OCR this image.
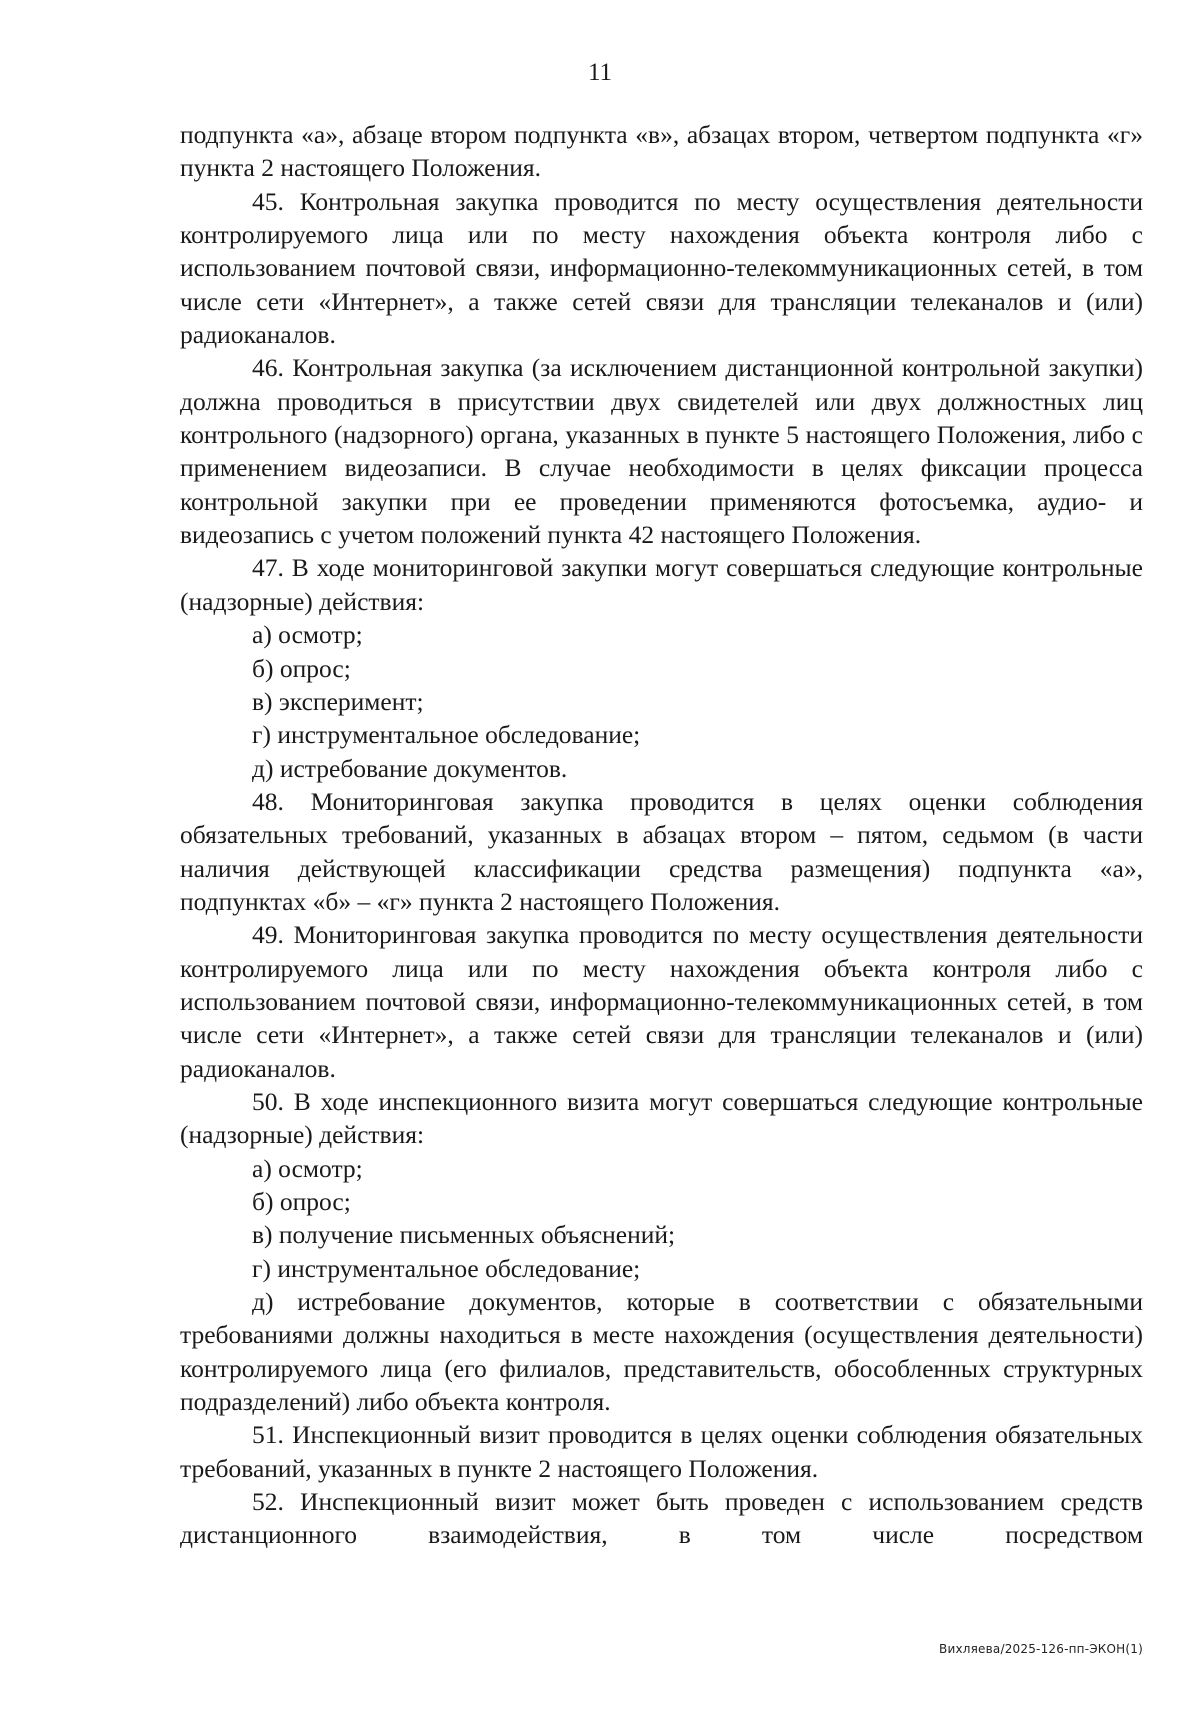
11

подпункта «а», абзаце втором подпункта «в», абзацах втором, четвертом подпункта «г» пункта 2 настоящего Положения.

45. Контрольная закупка проводится по месту осуществления деятельности контролируемого лица или по месту нахождения объекта контроля либо с использованием почтовой связи, информационно-телекоммуникационных сетей, в том числе сети «Интернет», а также сетей связи для трансляции телеканалов и (или) радиоканалов.

46. Контрольная закупка (за исключением дистанционной контрольной закупки) должна проводиться в присутствии двух свидетелей или двух должностных лиц контрольного (надзорного) органа, указанных в пункте 5 настоящего Положения, либо с применением видеозаписи. В случае необходимости в целях фиксации процесса контрольной закупки при ее проведении применяются фотосъемка, аудио- и видеозапись с учетом положений пункта 42 настоящего Положения.

47. В ходе мониторинговой закупки могут совершаться следующие контрольные (надзорные) действия:

а) осмотр;

б) опрос;

в) эксперимент;

г) инструментальное обследование;

д) истребование документов.

48. Мониторинговая закупка проводится в целях оценки соблюдения обязательных требований, указанных в абзацах втором – пятом, седьмом (в части наличия действующей классификации средства размещения) подпункта «а», подпунктах «б» – «г» пункта 2 настоящего Положения.

49. Мониторинговая закупка проводится по месту осуществления деятельности контролируемого лица или по месту нахождения объекта контроля либо с использованием почтовой связи, информационно-телекоммуникационных сетей, в том числе сети «Интернет», а также сетей связи для трансляции телеканалов и (или) радиоканалов.

50. В ходе инспекционного визита могут совершаться следующие контрольные (надзорные) действия:

а) осмотр;

б) опрос;

в) получение письменных объяснений;

г) инструментальное обследование;

д) истребование документов, которые в соответствии с обязательными требованиями должны находиться в месте нахождения (осуществления деятельности) контролируемого лица (его филиалов, представительств, обособленных структурных подразделений) либо объекта контроля.

51. Инспекционный визит проводится в целях оценки соблюдения обязательных требований, указанных в пункте 2 настоящего Положения.

52. Инспекционный визит может быть проведен с использованием средств дистанционного взаимодействия, в том числе посредством

Вихляева/2025-126-пп-ЭКОН(1)
